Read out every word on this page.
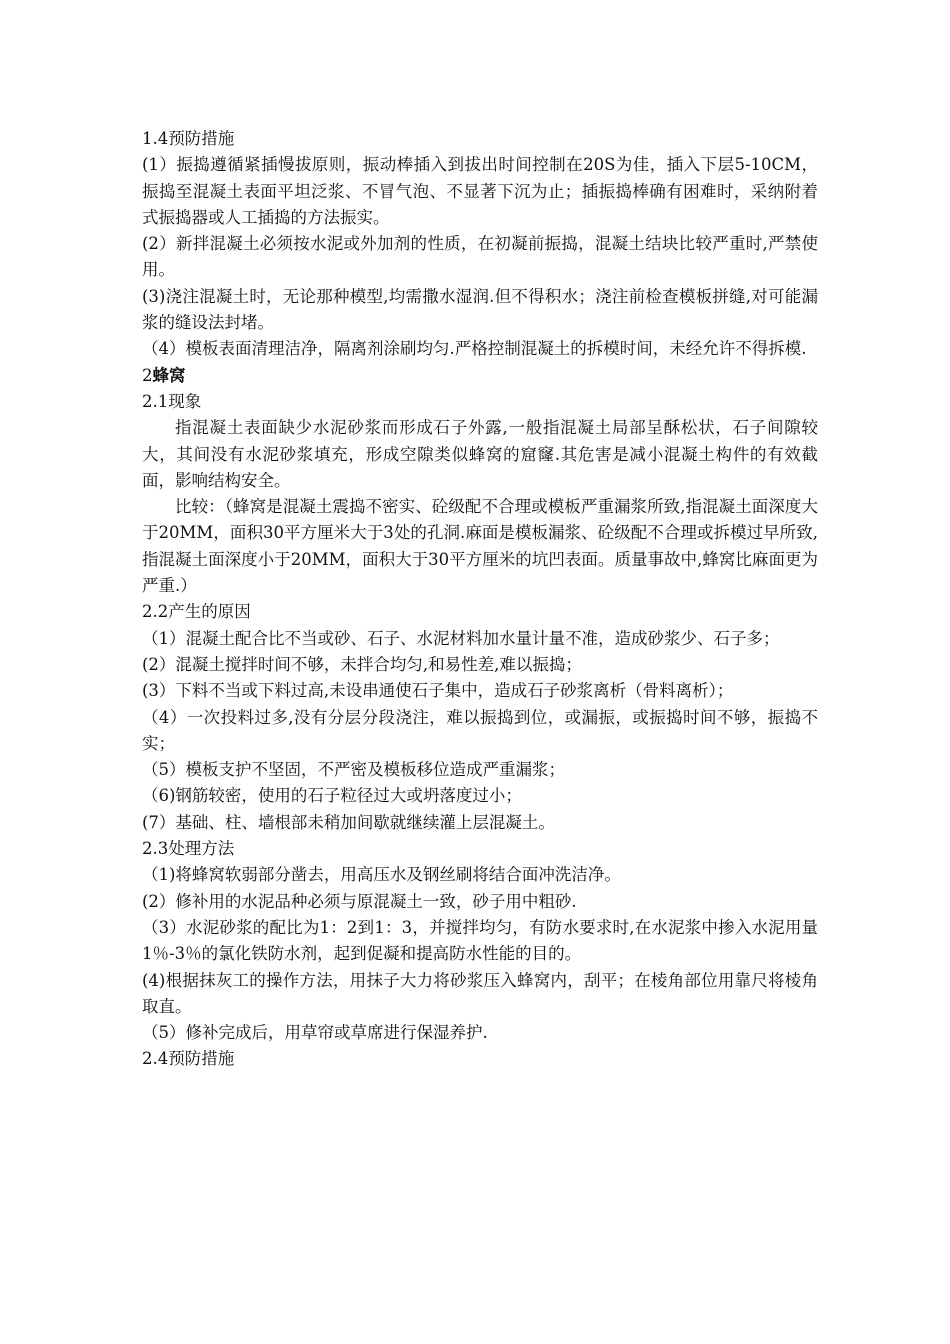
1.4预防措施

(1）振捣遵循紧插慢拔原则，振动棒插入到拔出时间控制在20S为佳，插入下层5-10CM，振捣至混凝土表面平坦泛浆、不冒气泡、不显著下沉为止；插振捣棒确有困难时，采纳附着式振捣器或人工插捣的方法振实。

(2）新拌混凝土必须按水泥或外加剂的性质，在初凝前振捣，混凝土结块比较严重时,严禁使用。

(3)浇注混凝土时，无论那种模型,均需撒水湿润.但不得积水；浇注前检查模板拼缝,对可能漏浆的缝设法封堵。

（4）模板表面清理洁净，隔离剂涂刷均匀.严格控制混凝土的拆模时间，未经允许不得拆模.

2蜂窝

2.1现象

指混凝土表面缺少水泥砂浆而形成石子外露,一般指混凝土局部呈酥松状，石子间隙较大，其间没有水泥砂浆填充，形成空隙类似蜂窝的窟窿.其危害是减小混凝土构件的有效截面，影响结构安全。

比较：（蜂窝是混凝土震捣不密实、砼级配不合理或模板严重漏浆所致,指混凝土面深度大于20MM，面积30平方厘米大于3处的孔洞.麻面是模板漏浆、砼级配不合理或拆模过早所致,指混凝土面深度小于20MM，面积大于30平方厘米的坑凹表面。质量事故中,蜂窝比麻面更为严重.）

2.2产生的原因

（1）混凝土配合比不当或砂、石子、水泥材料加水量计量不准，造成砂浆少、石子多；

(2）混凝土搅拌时间不够，未拌合均匀,和易性差,难以振捣；

(3）下料不当或下料过高,未设串通使石子集中，造成石子砂浆离析（骨料离析）；

（4）一次投料过多,没有分层分段浇注，难以振捣到位，或漏振，或振捣时间不够，振捣不实；

（5）模板支护不坚固，不严密及模板移位造成严重漏浆；

（6)钢筋较密，使用的石子粒径过大或坍落度过小；

(7）基础、柱、墙根部未稍加间歇就继续灌上层混凝土。

2.3处理方法

（1)将蜂窝软弱部分凿去，用高压水及钢丝刷将结合面冲洗洁净。

(2）修补用的水泥品种必须与原混凝土一致，砂子用中粗砂.

（3）水泥砂浆的配比为1：2到1：3，并搅拌均匀，有防水要求时,在水泥浆中掺入水泥用量1％-3％的氯化铁防水剂，起到促凝和提高防水性能的目的。

(4)根据抹灰工的操作方法，用抹子大力将砂浆压入蜂窝内，刮平；在棱角部位用靠尺将棱角取直。

（5）修补完成后，用草帘或草席进行保湿养护.

2.4预防措施
